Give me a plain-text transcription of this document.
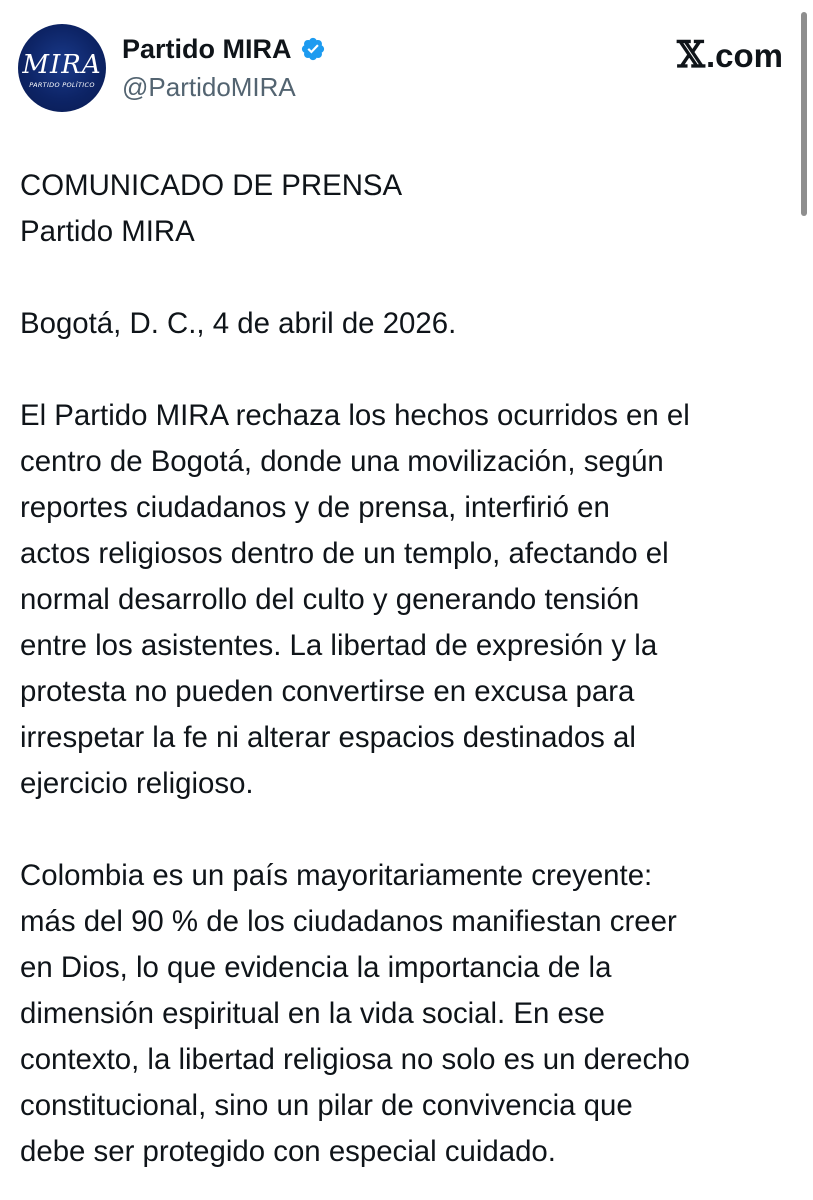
MIRA
PARTIDO POLÍTICO
Partido MIRA
@PartidoMIRA
𝕏 .com

COMUNICADO DE PRENSA

Partido MIRA

Bogotá, D. C., 4 de abril de 2026.

El Partido MIRA rechaza los hechos ocurridos en el

centro de Bogotá, donde una movilización, según

reportes ciudadanos y de prensa, interfirió en

actos religiosos dentro de un templo, afectando el

normal desarrollo del culto y generando tensión

entre los asistentes. La libertad de expresión y la

protesta no pueden convertirse en excusa para

irrespetar la fe ni alterar espacios destinados al

ejercicio religioso.

Colombia es un país mayoritariamente creyente:

más del 90 % de los ciudadanos manifiestan creer

en Dios, lo que evidencia la importancia de la

dimensión espiritual en la vida social. En ese

contexto, la libertad religiosa no solo es un derecho

constitucional, sino un pilar de convivencia que

debe ser protegido con especial cuidado.
